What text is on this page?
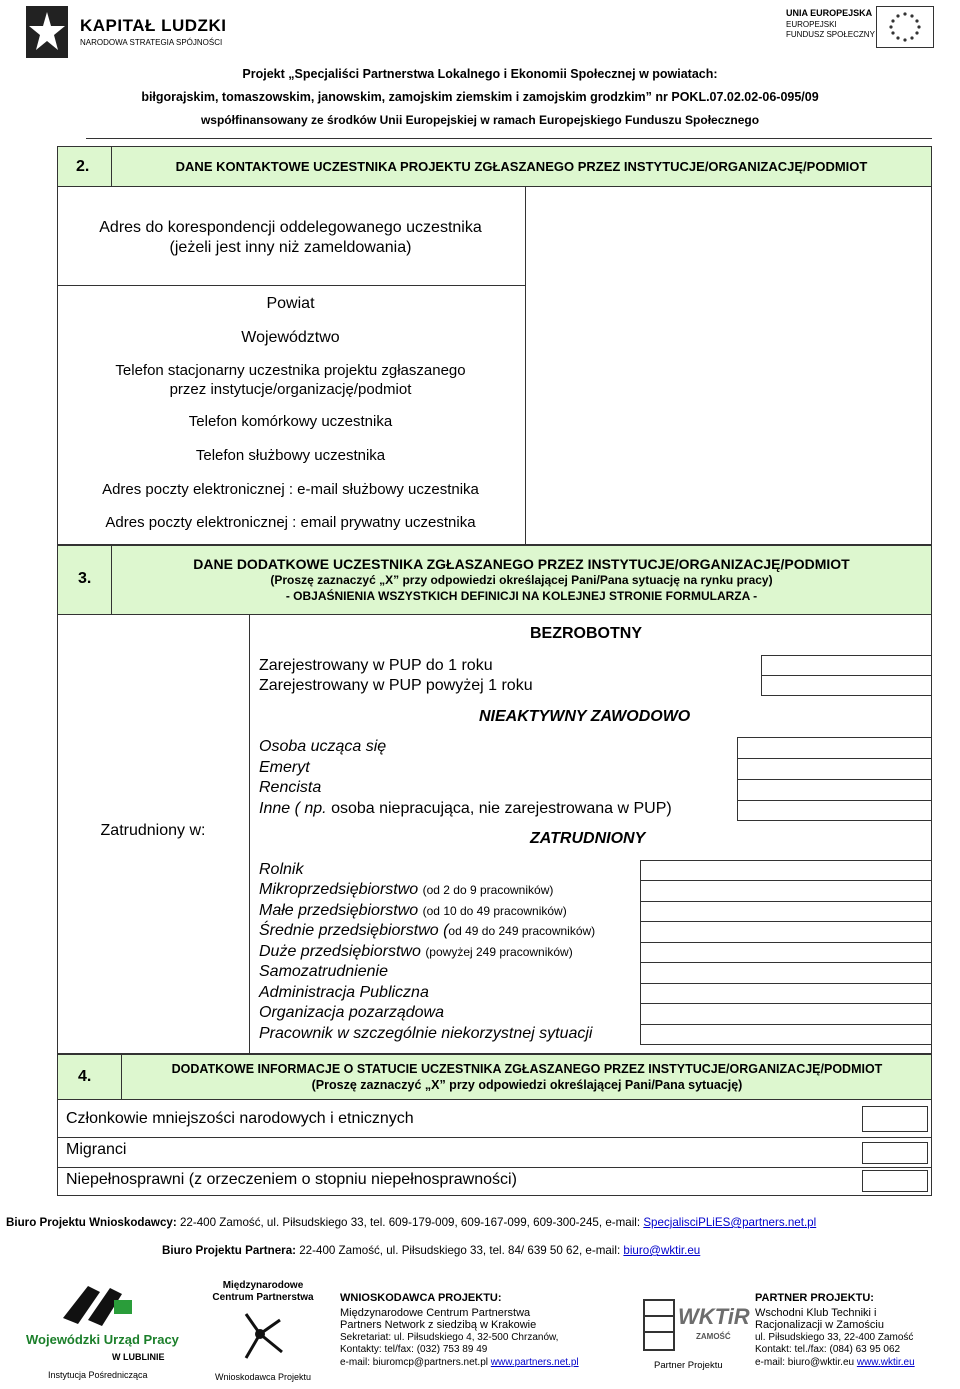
KAPITAŁ LUDZKI
NARODOWA STRATEGIA SPÓJNOŚCI
UNIA EUROPEJSKA
EUROPEJSKI
FUNDUSZ SPOŁECZNY
Projekt „Specjaliści Partnerstwa Lokalnego i Ekonomii Społecznej w powiatach:
biłgorajskim, tomaszowskim, janowskim, zamojskim ziemskim i zamojskim grodzkim” nr POKL.07.02.02-06-095/09
współfinansowany ze środków Unii Europejskiej w ramach Europejskiego Funduszu Społecznego
2.	DANE KONTAKTOWE UCZESTNIKA PROJEKTU ZGŁASZANEGO PRZEZ INSTYTUCJE/ORGANIZACJĘ/PODMIOT
Adres do korespondencji oddelegowanego uczestnika
(jeżeli jest inny niż zameldowania)
Powiat
Województwo
Telefon stacjonarny uczestnika projektu zgłaszanego
przez instytucje/organizację/podmiot
Telefon komórkowy uczestnika
Telefon służbowy uczestnika
Adres poczty elektronicznej : e-mail służbowy uczestnika
Adres poczty elektronicznej : email prywatny uczestnika
3.
DANE DODATKOWE UCZESTNIKA ZGŁASZANEGO PRZEZ INSTYTUCJE/ORGANIZACJĘ/PODMIOT
(Proszę zaznaczyć „X” przy odpowiedzi określającej Pani/Pana sytuację na rynku pracy)
- OBJAŚNIENIA WSZYSTKICH DEFINICJI NA KOLEJNEJ STRONIE FORMULARZA -
Zatrudniony w:
BEZROBOTNY
Zarejestrowany w PUP do 1 roku
Zarejestrowany w PUP powyżej 1 roku
NIEAKTYWNY ZAWODOWO
Osoba ucząca się
Emeryt
Rencista
Inne ( np. osoba niepracująca, nie zarejestrowana w PUP)
ZATRUDNIONY
Rolnik
Mikroprzedsiębiorstwo (od 2 do 9 pracowników)
Małe przedsiębiorstwo (od 10 do 49 pracowników)
Średnie przedsiębiorstwo (od 49 do 249 pracowników)
Duże przedsiębiorstwo (powyżej 249 pracowników)
Samozatrudnienie
Administracja Publiczna
Organizacja pozarządowa
Pracownik w szczególnie niekorzystnej sytuacji
4.	DODATKOWE INFORMACJE O STATUCIE UCZESTNIKA ZGŁASZANEGO PRZEZ INSTYTUCJE/ORGANIZACJĘ/PODMIOT
(Proszę zaznaczyć „X” przy odpowiedzi określającej Pani/Pana sytuację)
Członkowie mniejszości narodowych i etnicznych
Migranci
Niepełnosprawni (z orzeczeniem o stopniu niepełnosprawności)
Biuro Projektu Wnioskodawcy: 22-400 Zamość, ul. Piłsudskiego 33, tel. 609-179-009, 609-167-099, 609-300-245, e-mail: SpecjalisciPLiES@partners.net.pl
Biuro Projektu Partnera: 22-400 Zamość, ul. Piłsudskiego 33, tel. 84/ 639 50 62, e-mail: biuro@wktir.eu
Wojewódzki Urząd Pracy
W LUBLINIE
Instytucja Pośrednicząca
Międzynarodowe
Centrum Partnerstwa
Wnioskodawca Projektu
WNIOSKODAWCA PROJEKTU:
Międzynarodowe Centrum Partnerstwa
Partners Network z siedzibą w Krakowie
Sekretariat: ul. Piłsudskiego 4, 32-500 Chrzanów,
Kontakty: tel/fax: (032) 753 89 49
e-mail: biuromcp@partners.net.pl www.partners.net.pl
WKTiR
ZAMOŚĆ
Partner Projektu
PARTNER PROJEKTU:
Wschodni Klub Techniki i
Racjonalizacji w Zamościu
ul. Piłsudskiego 33, 22-400 Zamość
Kontakt: tel./fax: (084) 63 95 062
e-mail: biuro@wktir.eu www.wktir.eu
